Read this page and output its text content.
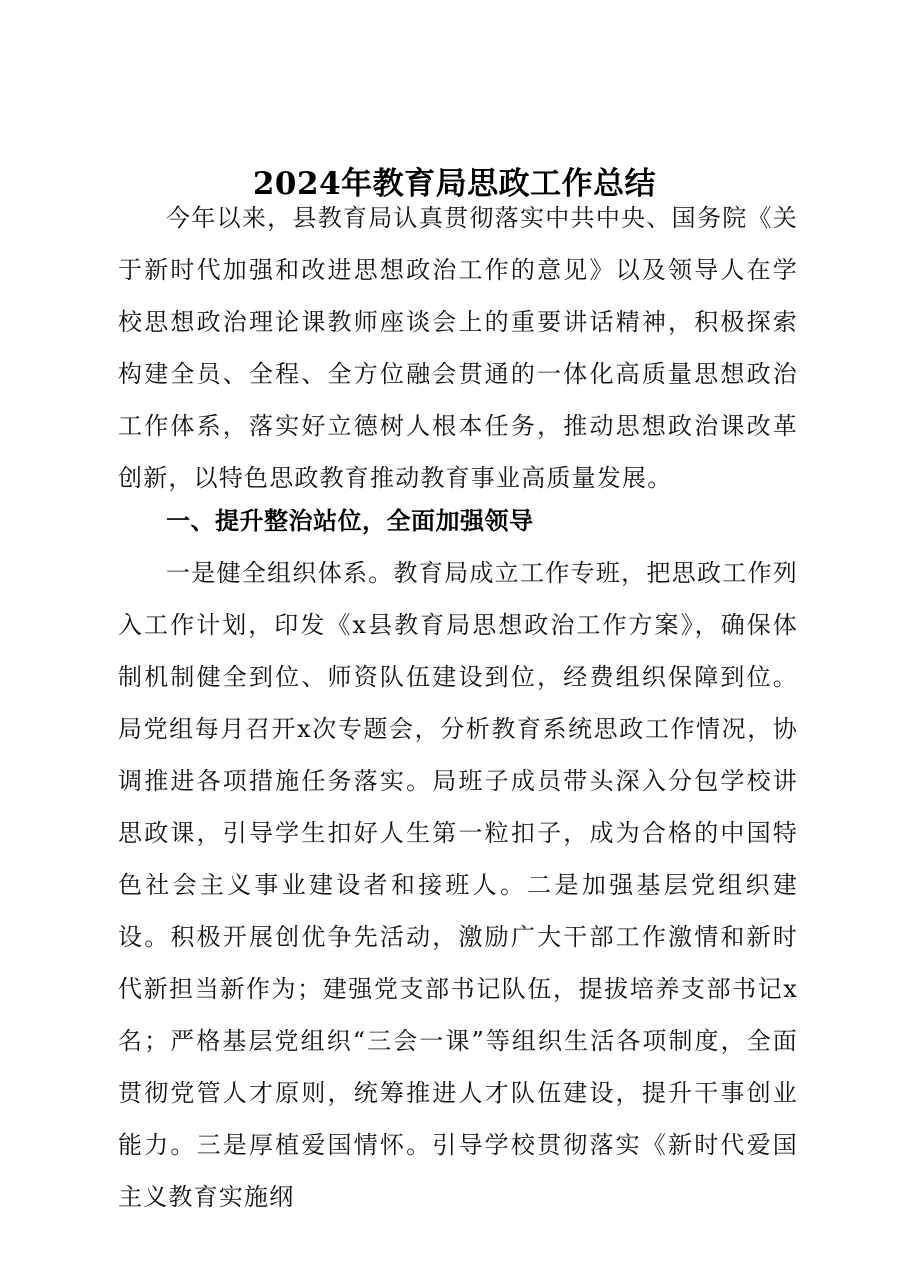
2024年教育局思政工作总结
今年以来，县教育局认真贯彻落实中共中央、国务院《关于新时代加强和改进思想政治工作的意见》以及领导人在学校思想政治理论课教师座谈会上的重要讲话精神，积极探索构建全员、全程、全方位融会贯通的一体化高质量思想政治工作体系，落实好立德树人根本任务，推动思想政治课改革创新，以特色思政教育推动教育事业高质量发展。
一、提升整治站位，全面加强领导
一是健全组织体系。教育局成立工作专班，把思政工作列入工作计划，印发《x县教育局思想政治工作方案》，确保体制机制健全到位、师资队伍建设到位，经费组织保障到位。局党组每月召开x次专题会，分析教育系统思政工作情况，协调推进各项措施任务落实。局班子成员带头深入分包学校讲思政课，引导学生扣好人生第一粒扣子，成为合格的中国特色社会主义事业建设者和接班人。二是加强基层党组织建设。积极开展创优争先活动，激励广大干部工作激情和新时代新担当新作为；建强党支部书记队伍，提拔培养支部书记x名；严格基层党组织“三会一课”等组织生活各项制度，全面贯彻党管人才原则，统筹推进人才队伍建设，提升干事创业能力。三是厚植爱国情怀。引导学校贯彻落实《新时代爱国主义教育实施纲
